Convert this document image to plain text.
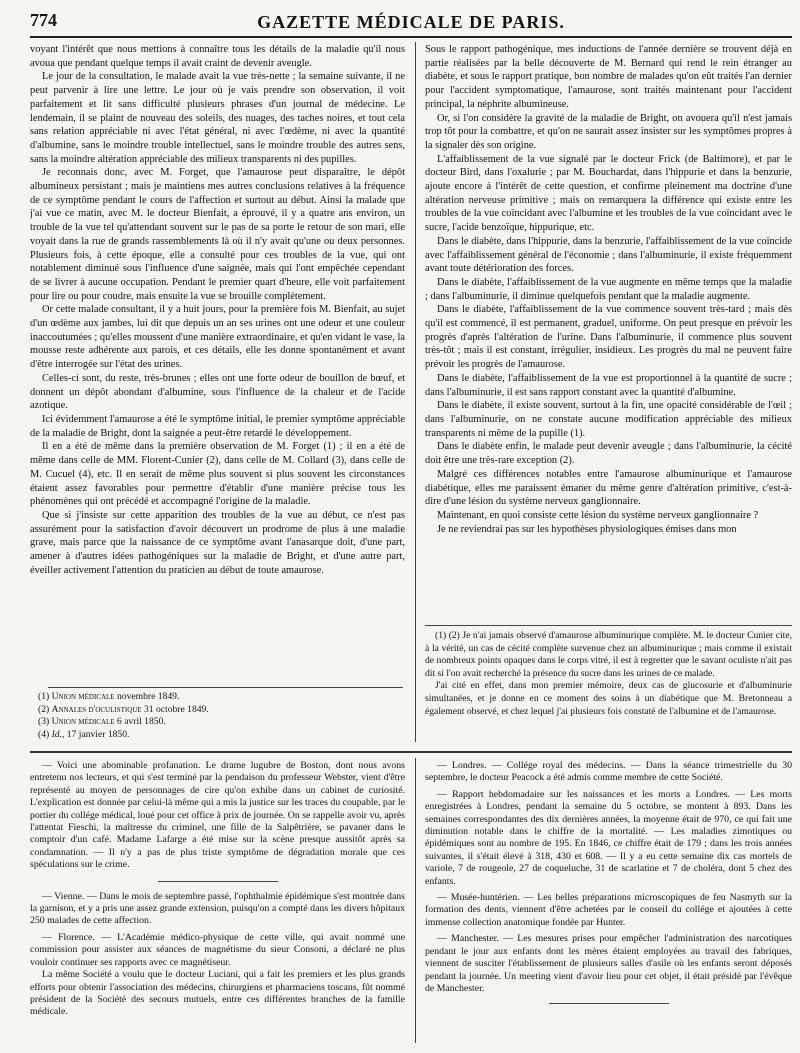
774	GAZETTE MÉDICALE DE PARIS.

voyant l'intérêt que nous mettions à connaître tous les détails de la maladie qu'il nous avoua que pendant quelque temps il avait craint de devenir aveugle.

Le jour de la consultation, le malade avait la vue très-nette ; la semaine suivante, il ne peut parvenir à lire une lettre. Le jour où je vais prendre son observation, il voit parfaitement et lit sans difficulté plusieurs phrases d'un journal de médecine. Le lendemain, il se plaint de nouveau des soleils, des nuages, des taches noires, et tout cela sans relation appréciable ni avec l'état général, ni avec l'œdème, ni avec la quantité d'albumine, sans le moindre trouble intellectuel, sans le moindre trouble des autres sens, sans la moindre altération appréciable des milieux transparents ni des pupilles.

Je reconnais donc, avec M. Forget, que l'amaurose peut disparaître, le dépôt albumineux persistant ; mais je maintiens mes autres conclusions relatives à la fréquence de ce symptôme pendant le cours de l'affection et surtout au début. Ainsi la malade que j'ai vue ce matin, avec M. le docteur Bienfait, a éprouvé, il y a quatre ans environ, un trouble de la vue tel qu'attendant souvent sur le pas de sa porte le retour de son mari, elle voyait dans la rue de grands rassemblements là où il n'y avait qu'une ou deux personnes. Plusieurs fois, à cette époque, elle a consulté pour ces troubles de la vue, qui ont notablement diminué sous l'influence d'une saignée, mais qui l'ont empêchée cependant de se livrer à aucune occupation. Pendant le premier quart d'heure, elle voit parfaitement pour lire ou pour coudre, mais ensuite la vue se brouille complétement.

Or cette malade consultant, il y a huit jours, pour la première fois M. Bienfait, au sujet d'un œdème aux jambes, lui dit que depuis un an ses urines ont une odeur et une couleur inaccoutumées ; qu'elles moussent d'une manière extraordinaire, et qu'en vidant le vase, la mousse reste adhérente aux parois, et ces détails, elle les donne spontanément et avant d'être interrogée sur l'état des urines.

Celles-ci sont, du reste, très-brunes ; elles ont une forte odeur de bouillon de bœuf, et donnent un dépôt abondant d'albumine, sous l'influence de la chaleur et de l'acide azotique.

Ici évidemment l'amaurose a été le symptôme initial, le premier symptôme appréciable de la maladie de Bright, dont la saignée a peut-être retardé le développement.

Il en a été de même dans la première observation de M. Forget (1) ; il en a été de même dans celle de MM. Florent-Cunier (2), dans celle de M. Collard (3), dans celle de M. Cucuel (4), etc. Il en serait de même plus souvent si plus souvent les circonstances étaient assez favorables pour permettre d'établir d'une manière précise tous les phénomènes qui ont précédé et accompagné l'origine de la maladie.

Que si j'insiste sur cette apparition des troubles de la vue au début, ce n'est pas assurément pour la satisfaction d'avoir découvert un prodrome de plus à une maladie grave, mais parce que la naissance de ce symptôme avant l'anasarque doit, d'une part, amener à d'autres idées pathogéniques sur la maladie de Bright, et d'une autre part, éveiller activement l'attention du praticien au début de toute amaurose.

(1) Union médicale novembre 1849.

(2) Annales d'oculistique 31 octobre 1849.

(3) Union médicale 6 avril 1850.

(4) Id., 17 janvier 1850.

Sous le rapport pathogénique, mes inductions de l'année dernière se trouvent déjà en partie réalisées par la belle découverte de M. Bernard qui rend le rein étranger au diabète, et sous le rapport pratique, bon nombre de malades qu'on eût traités l'an dernier pour l'accident symptomatique, l'amaurose, sont traités maintenant pour l'accident principal, la néphrite albumineuse.

Or, si l'on considère la gravité de la maladie de Bright, on avouera qu'il n'est jamais trop tôt pour la combattre, et qu'on ne saurait assez insister sur les symptômes propres à la signaler dès son origine.

L'affaiblissement de la vue signalé par le docteur Frick (de Baltimore), et par le docteur Bird, dans l'oxalurie ; par M. Bouchardat, dans l'hippurie et dans la benzurie, ajoute encore à l'intérêt de cette question, et confirme pleinement ma doctrine d'une altération nerveuse primitive ; mais on remarquera la différence qui existe entre les troubles de la vue coïncidant avec l'albumine et les troubles de la vue coïncidant avec le sucre, l'acide benzoïque, hippurique, etc.

Dans le diabète, dans l'hippurie, dans la benzurie, l'affaiblissement de la vue coïncide avec l'affaiblissement général de l'économie ; dans l'albuminurie, il existe fréquemment avant toute détérioration des forces.

Dans le diabète, l'affaiblissement de la vue augmente en même temps que la maladie ; dans l'albuminurie, il diminue quelquefois pendant que la maladie augmente.

Dans le diabète, l'affaiblissement de la vue commence souvent très-tard ; mais dès qu'il est commencé, il est permanent, graduel, uniforme. On peut presque en prévoir les progrès d'après l'altération de l'urine. Dans l'albuminurie, il commence plus souvent très-tôt ; mais il est constant, irrégulier, insidieux. Les progrès du mal ne peuvent faire prévoir les progrès de l'amaurose.

Dans le diabète, l'affaiblissement de la vue est proportionnel à la quantité de sucre ; dans l'albuminurie, il est sans rapport constant avec la quantité d'albumine.

Dans le diabète, il existe souvent, surtout à la fin, une opacité considérable de l'œil ; dans l'albuminurie, on ne constate aucune modification appréciable des milieux transparents ni même de la pupille (1).

Dans le diabète enfin, le malade peut devenir aveugle ; dans l'albuminurie, la cécité doit être une très-rare exception (2).

Malgré ces différences notables entre l'amaurose albuminurique et l'amaurose diabétique, elles me paraissent émaner du même genre d'altération primitive, c'est-à-dire d'une lésion du système nerveux ganglionnaire.

Maintenant, en quoi consiste cette lésion du système nerveux ganglionnaire ?

Je ne reviendrai pas sur les hypothèses physiologiques émises dans mon

(1) (2) Je n'ai jamais observé d'amaurose albuminurique complète. M. le docteur Cunier cite, à la vérité, un cas de cécité complète survenue chez un albuminurique ; mais comme il existait de nombreux points opaques dans le corps vitré, il est à regretter que le savant oculiste n'ait pas dit si l'on avait recherché la présence du sucre dans les urines de ce malade.

J'ai cité en effet, dans mon premier mémoire, deux cas de glucosurie et d'albuminurie simultanées, et je donne en ce moment des soins à un diabétique que M. Bretonneau a également observé, et chez lequel j'ai plusieurs fois constaté de l'albumine et de l'amaurose.

— Voici une abominable profanation. Le drame lugubre de Boston, dont nous avons entretenu nos lecteurs, et qui s'est terminé par la pendaison du professeur Webster, vient d'être représenté au moyen de personnages de cire qu'on exhibe dans un cabinet de curiosité. L'explication est donnée par celui-là même qui a mis la justice sur les traces du coupable, par le portier du collége médical, loué pour cet office à prix de journée. On se rappelle avoir vu, après l'attentat Fieschi, la maîtresse du criminel, une fille de la Salpêtrière, se pavaner dans le comptoir d'un café. Madame Lafarge a été mise sur la scène presque aussitôt après sa condamnation. — Il n'y a pas de plus triste symptôme de dégradation morale que ces spéculations sur le crime.

— Vienne. — Dans le mois de septembre passé, l'ophthalmie épidémique s'est montrée dans la garnison, et y a pris une assez grande extension, puisqu'on a compté dans les divers hôpitaux 250 malades de cette affection.

— Florence. — L'Académie médico-physique de cette ville, qui avait nommé une commission pour assister aux séances de magnétisme du sieur Consoni, a déclaré ne plus vouloir continuer ses rapports avec ce magnétiseur.

La même Société a voulu que le docteur Luciani, qui a fait les premiers et les plus grands efforts pour obtenir l'association des médecins, chirurgiens et pharmaciens toscans, fût nommé président de la Société des secours mutuels, entre ces différentes branches de la famille médicale.

— Londres. — Collége royal des médecins. — Dans la séance trimestrielle du 30 septembre, le docteur Peacock a été admis comme membre de cette Société.

— Rapport hebdomadaire sur les naissances et les morts a Londres. — Les morts enregistrées à Londres, pendant la semaine du 5 octobre, se montent à 893. Dans les semaines correspondantes des dix dernières années, la moyenne était de 970, ce qui fait une diminution notable dans le chiffre de la mortalité. — Les maladies zimotiques ou épidémiques sont au nombre de 195. En 1846, ce chiffre était de 179 ; dans les trois années suivantes, il s'était élevé à 318, 430 et 608. — Il y a eu cette semaine dix cas mortels de variole, 7 de rougeole, 27 de coqueluche, 31 de scarlatine et 7 de choléra, dont 5 chez des enfants.

— Musée-huntérien. — Les belles préparations microscopiques de feu Nasmyth sur la formation des dents, viennent d'être achetées par le conseil du collége et ajoutées à cette immense collection anatomique fondée par Hunter.

— Manchester. — Les mesures prises pour empêcher l'administration des narcotiques pendant le jour aux enfants dont les mères étaient employées au travail des fabriques, viennent de susciter l'établissement de plusieurs salles d'asile où les enfants seront déposés pendant la journée. Un meeting vient d'avoir lieu pour cet objet, il était présidé par l'évêque de Manchester.
